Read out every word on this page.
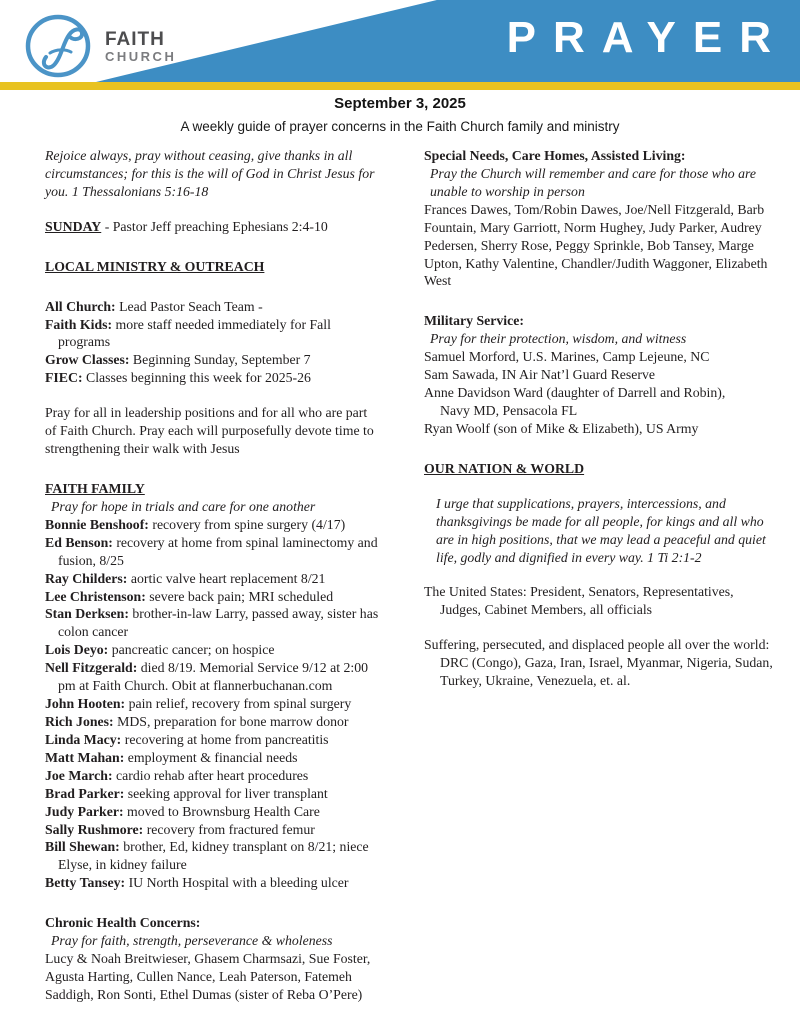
PRAYER
FAITH
CHURCH
September 3, 2025
A weekly guide of prayer concerns in the Faith Church family and ministry
Rejoice always, pray without ceasing, give thanks in all circumstances; for this is the will of God in Christ Jesus for you. 1 Thessalonians 5:16-18
SUNDAY - Pastor Jeff preaching Ephesians 2:4-10
LOCAL MINISTRY & OUTREACH
All Church: Lead Pastor Seach Team -
Faith Kids: more staff needed immediately for Fall programs
Grow Classes: Beginning Sunday, September 7
FIEC: Classes beginning this week for 2025-26
Pray for all in leadership positions and for all who are part of Faith Church. Pray each will purposefully devote time to strengthening their walk with Jesus
FAITH FAMILY
Pray for hope in trials and care for one another
Bonnie Benshoof: recovery from spine surgery (4/17)
Ed Benson: recovery at home from spinal laminectomy and fusion, 8/25
Ray Childers: aortic valve heart replacement 8/21
Lee Christenson: severe back pain; MRI scheduled
Stan Derksen: brother-in-law Larry, passed away, sister has colon cancer
Lois Deyo: pancreatic cancer; on hospice
Nell Fitzgerald: died 8/19. Memorial Service 9/12 at 2:00 pm at Faith Church. Obit at flannerbuchanan.com
John Hooten: pain relief, recovery from spinal surgery
Rich Jones: MDS, preparation for bone marrow donor
Linda Macy: recovering at home from pancreatitis
Matt Mahan: employment & financial needs
Joe March: cardio rehab after heart procedures
Brad Parker: seeking approval for liver transplant
Judy Parker: moved to Brownsburg Health Care
Sally Rushmore: recovery from fractured femur
Bill Shewan: brother, Ed, kidney transplant on 8/21; niece Elyse, in kidney failure
Betty Tansey: IU North Hospital with a bleeding ulcer
Chronic Health Concerns:
Pray for faith, strength, perseverance & wholeness
Lucy & Noah Breitwieser, Ghasem Charmsazi, Sue Foster, Agusta Harting, Cullen Nance, Leah Paterson, Fatemeh Saddigh, Ron Sonti, Ethel Dumas (sister of Reba O’Pere)
Special Needs, Care Homes, Assisted Living:
Pray the Church will remember and care for those who are unable to worship in person
Frances Dawes, Tom/Robin Dawes, Joe/Nell Fitzgerald, Barb Fountain, Mary Garriott, Norm Hughey, Judy Parker, Audrey Pedersen, Sherry Rose, Peggy Sprinkle, Bob Tansey, Marge Upton, Kathy Valentine, Chandler/Judith Waggoner, Elizabeth West
Military Service:
Pray for their protection, wisdom, and witness
Samuel Morford, U.S. Marines, Camp Lejeune, NC
Sam Sawada, IN Air Nat’l Guard Reserve
Anne Davidson Ward (daughter of Darrell and Robin),
Navy MD, Pensacola FL
Ryan Woolf (son of Mike & Elizabeth), US Army
OUR NATION & WORLD
I urge that supplications, prayers, intercessions, and thanksgivings be made for all people, for kings and all who are in high positions, that we may lead a peaceful and quiet life, godly and dignified in every way. 1 Ti 2:1-2
The United States: President, Senators, Representatives, Judges, Cabinet Members, all officials
Suffering, persecuted, and displaced people all over the world: DRC (Congo), Gaza, Iran, Israel, Myanmar, Nigeria, Sudan, Turkey, Ukraine, Venezuela, et. al.
